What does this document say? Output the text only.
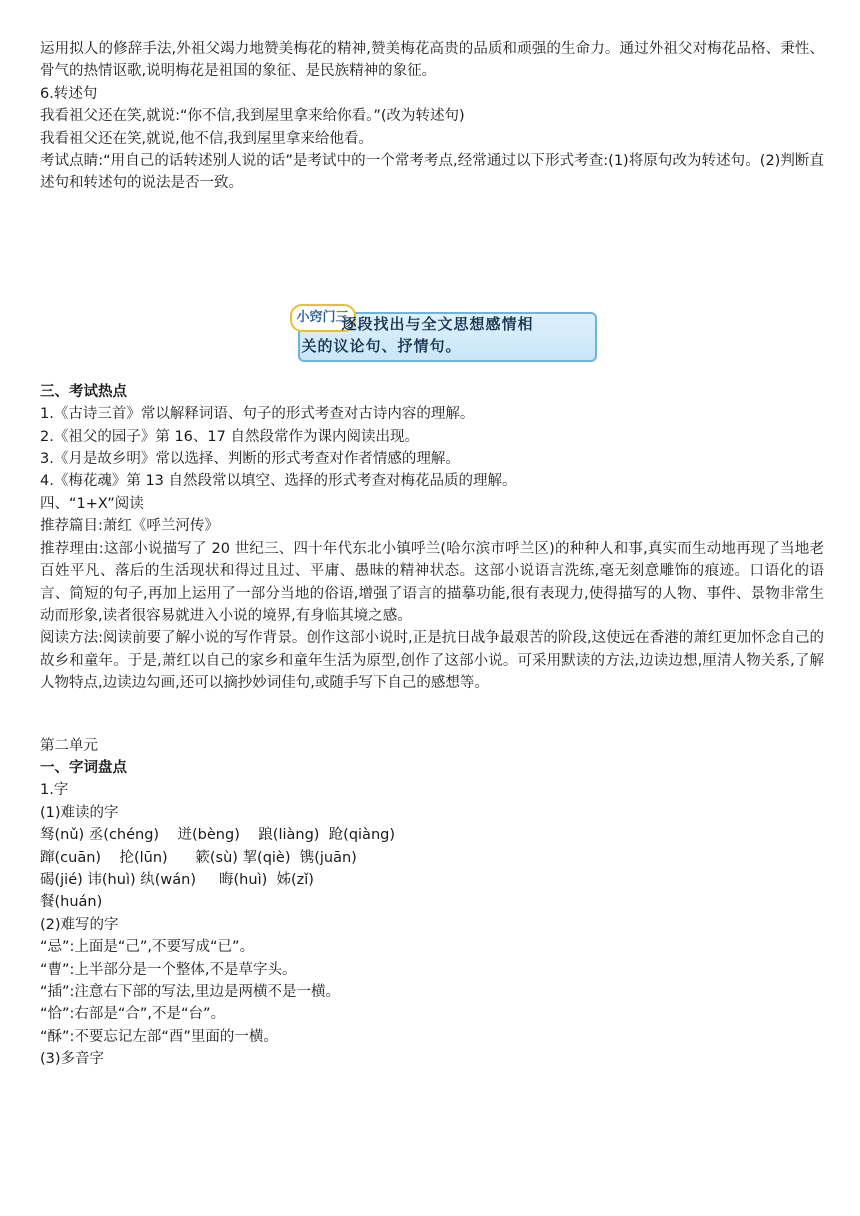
运用拟人的修辞手法,外祖父竭力地赞美梅花的精神,赞美梅花高贵的品质和顽强的生命力。通过外祖父对梅花品格、秉性、骨气的热情讴歌,说明梅花是祖国的象征、是民族精神的象征。

6.转述句

我看祖父还在笑,就说:“你不信,我到屋里拿来给你看。”(改为转述句)

我看祖父还在笑,就说,他不信,我到屋里拿来给他看。

考试点睛:“用自己的话转述别人说的话”是考试中的一个常考考点,经常通过以下形式考查:(1)将原句改为转述句。(2)判断直述句和转述句的说法是否一致。

小窍门三
逐段找出与全文思想感情相
关的议论句、抒情句。

三、考试热点

1.《古诗三首》常以解释词语、句子的形式考查对古诗内容的理解。

2.《祖父的园子》第 16、17 自然段常作为课内阅读出现。

3.《月是故乡明》常以选择、判断的形式考查对作者情感的理解。

4.《梅花魂》第 13 自然段常以填空、选择的形式考查对梅花品质的理解。

四、“1+X”阅读

推荐篇目:萧红《呼兰河传》

推荐理由:这部小说描写了 20 世纪三、四十年代东北小镇呼兰(哈尔滨市呼兰区)的种种人和事,真实而生动地再现了当地老百姓平凡、落后的生活现状和得过且过、平庸、愚昧的精神状态。这部小说语言洗练,毫无刻意雕饰的痕迹。口语化的语言、简短的句子,再加上运用了一部分当地的俗语,增强了语言的描摹功能,很有表现力,使得描写的人物、事件、景物非常生动而形象,读者很容易就进入小说的境界,有身临其境之感。

阅读方法:阅读前要了解小说的写作背景。创作这部小说时,正是抗日战争最艰苦的阶段,这使远在香港的萧红更加怀念自己的故乡和童年。于是,萧红以自己的家乡和童年生活为原型,创作了这部小说。可采用默读的方法,边读边想,厘清人物关系,了解人物特点,边读边勾画,还可以摘抄妙词佳句,或随手写下自己的感想等。

第二单元

一、字词盘点

1.字

(1)难读的字

驽(nǔ) 丞(chéng)    迸(bèng)    踉(liàng)  跄(qiàng)

蹿(cuān)    抡(lūn)      簌(sù) 挈(qiè)  镌(juān)

碣(jié) 讳(huì) 纨(wán)     晦(huì)  姊(zǐ)

餐(huán)

(2)难写的字

“忌”:上面是“己”,不要写成“已”。

“曹”:上半部分是一个整体,不是草字头。

“插”:注意右下部的写法,里边是两横不是一横。

“恰”:右部是“合”,不是“台”。

“酥”:不要忘记左部“酉”里面的一横。

(3)多音字
